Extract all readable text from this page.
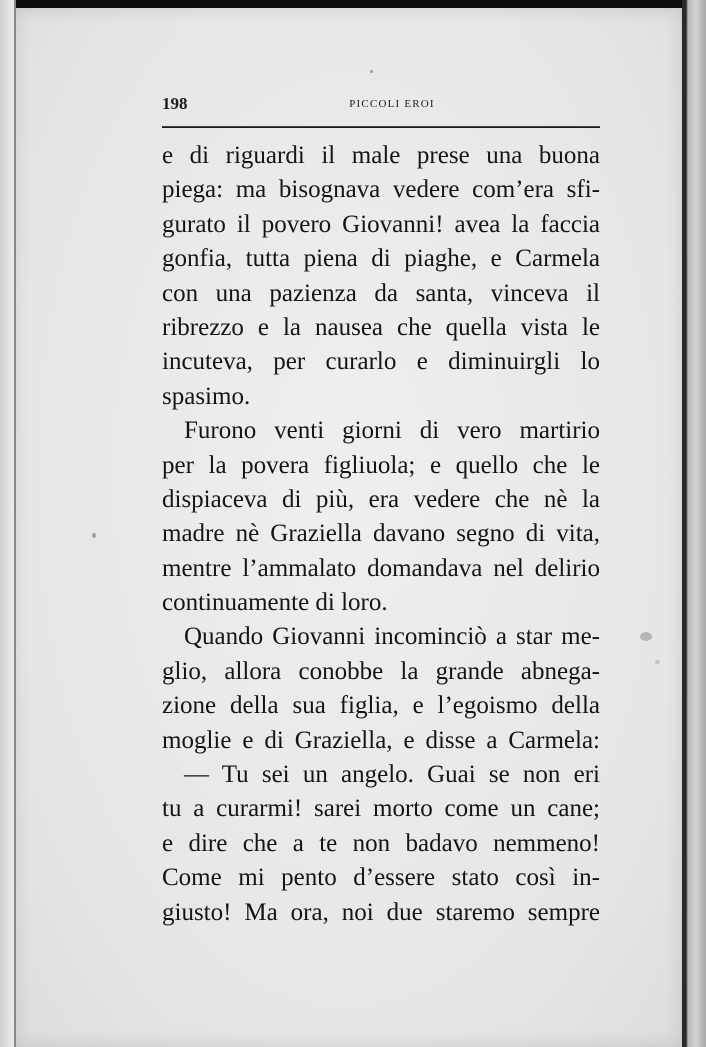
198	PICCOLI EROI
e di riguardi il male prese una buona
piega: ma bisognava vedere com’era sfi-
gurato il povero Giovanni! avea la faccia
gonfia, tutta piena di piaghe, e Carmela
con una pazienza da santa, vinceva il
ribrezzo e la nausea che quella vista le
incuteva, per curarlo e diminuirgli lo
spasimo.
Furono venti giorni di vero martirio
per la povera figliuola; e quello che le
dispiaceva di più, era vedere che nè la
madre nè Graziella davano segno di vita,
mentre l’ammalato domandava nel delirio
continuamente di loro.
Quando Giovanni incominciò a star me-
glio, allora conobbe la grande abnega-
zione della sua figlia, e l’egoismo della
moglie e di Graziella, e disse a Carmela:
— Tu sei un angelo. Guai se non eri
tu a curarmi! sarei morto come un cane;
e dire che a te non badavo nemmeno!
Come mi pento d’essere stato così in-
giusto! Ma ora, noi due staremo sempre
